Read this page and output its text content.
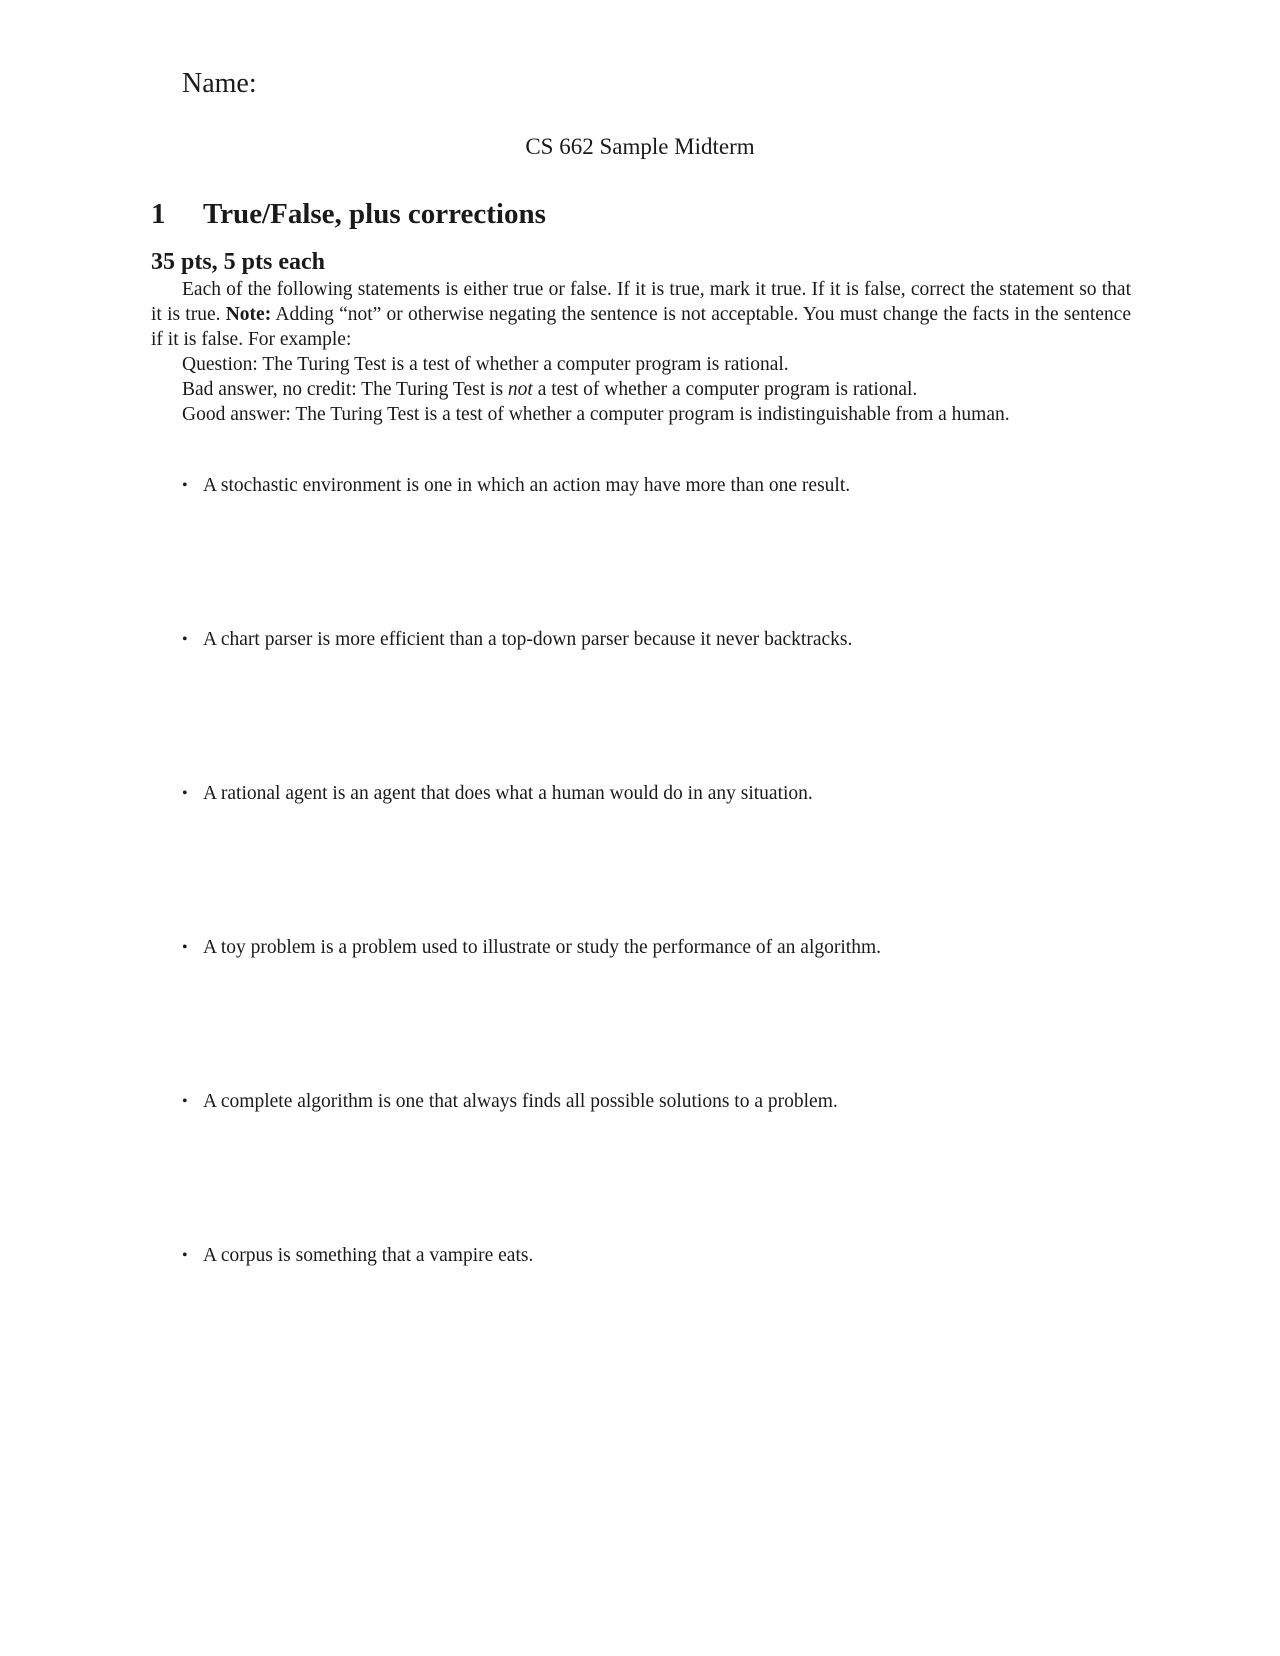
Name:
CS 662 Sample Midterm
1 True/False, plus corrections
35 pts, 5 pts each

Each of the following statements is either true or false. If it is true, mark it true. If it is false, correct the statement so that it is true. Note: Adding “not” or otherwise negating the sentence is not acceptable. You must change the facts in the sentence if it is false. For example:

Question: The Turing Test is a test of whether a computer program is rational.

Bad answer, no credit: The Turing Test is not a test of whether a computer program is rational.

Good answer: The Turing Test is a test of whether a computer program is indistinguishable from a human.

• A stochastic environment is one in which an action may have more than one result.
• A chart parser is more efficient than a top-down parser because it never backtracks.
• A rational agent is an agent that does what a human would do in any situation.
• A toy problem is a problem used to illustrate or study the performance of an algorithm.
• A complete algorithm is one that always finds all possible solutions to a problem.
• A corpus is something that a vampire eats.
